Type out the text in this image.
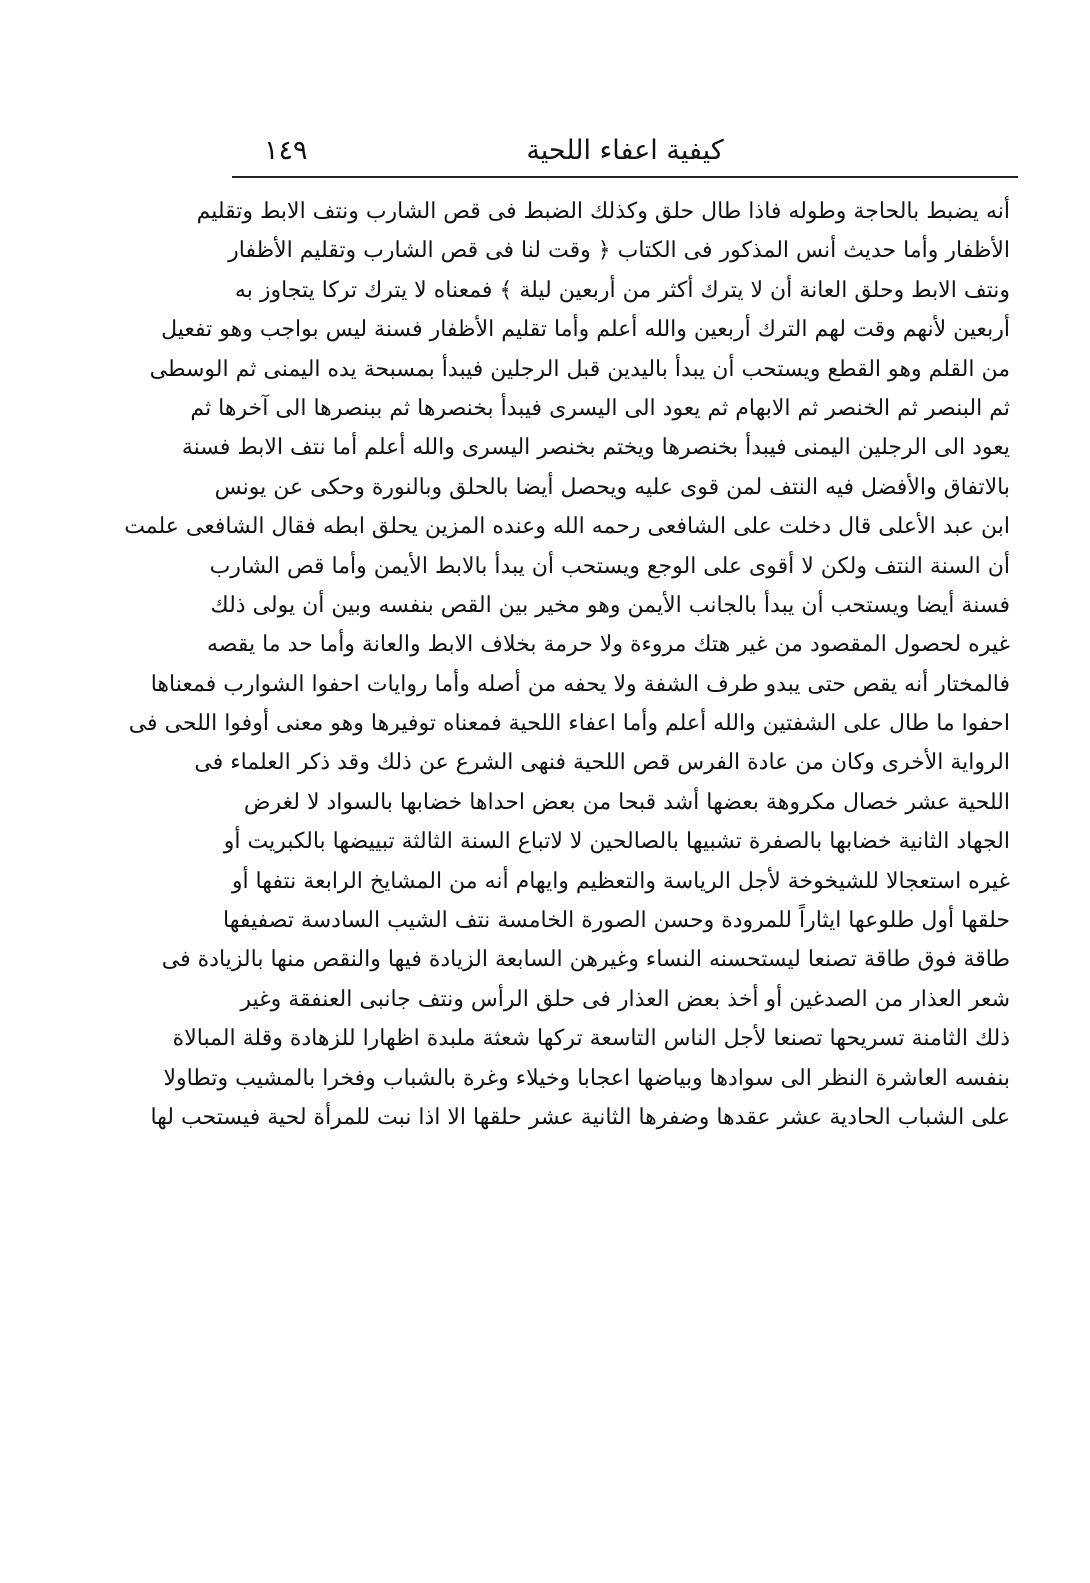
كيفية اعفاء اللحية
١٤٩
أنه يضبط بالحاجة وطوله فاذا طال حلق وكذلك الضبط فى قص الشارب ونتف الابط وتقليم
الأظفار وأما حديث أنس المذكور فى الكتاب ﴿ وقت لنا فى قص الشارب وتقليم الأظفار
ونتف الابط وحلق العانة أن لا يترك أكثر من أربعين ليلة ﴾ فمعناه لا يترك تركا يتجاوز به
أربعين لأنهم وقت لهم الترك أربعين والله أعلم وأما تقليم الأظفار فسنة ليس بواجب وهو تفعيل
من القلم وهو القطع ويستحب أن يبدأ باليدين قبل الرجلين فيبدأ بمسبحة يده اليمنى ثم الوسطى
ثم البنصر ثم الخنصر ثم الابهام ثم يعود الى اليسرى فيبدأ بخنصرها ثم ببنصرها الى آخرها ثم
يعود الى الرجلين اليمنى فيبدأ بخنصرها ويختم بخنصر اليسرى والله أعلم أما نتف الابط فسنة
بالاتفاق والأفضل فيه النتف لمن قوى عليه ويحصل أيضا بالحلق وبالنورة وحكى عن يونس
ابن عبد الأعلى قال دخلت على الشافعى رحمه الله وعنده المزين يحلق ابطه فقال الشافعى علمت
أن السنة النتف ولكن لا أقوى على الوجع ويستحب أن يبدأ بالابط الأيمن وأما قص الشارب
فسنة أيضا ويستحب أن يبدأ بالجانب الأيمن وهو مخير بين القص بنفسه وبين أن يولى ذلك
غيره لحصول المقصود من غير هتك مروءة ولا حرمة بخلاف الابط والعانة وأما حد ما يقصه
فالمختار أنه يقص حتى يبدو طرف الشفة ولا يحفه من أصله وأما روايات احفوا الشوارب فمعناها
احفوا ما طال على الشفتين والله أعلم وأما اعفاء اللحية فمعناه توفيرها وهو معنى أوفوا اللحى فى
الرواية الأخرى وكان من عادة الفرس قص اللحية فنهى الشرع عن ذلك وقد ذكر العلماء فى
اللحية عشر خصال مكروهة بعضها أشد قبحا من بعض احداها خضابها بالسواد لا لغرض
الجهاد الثانية خضابها بالصفرة تشبيها بالصالحين لا لاتباع السنة الثالثة تبييضها بالكبريت أو
غيره استعجالا للشيخوخة لأجل الرياسة والتعظيم وايهام أنه من المشايخ الرابعة نتفها أو
حلقها أول طلوعها ايثاراً للمرودة وحسن الصورة الخامسة نتف الشيب السادسة تصفيفها
طاقة فوق طاقة تصنعا ليستحسنه النساء وغيرهن السابعة الزيادة فيها والنقص منها بالزيادة فى
شعر العذار من الصدغين أو أخذ بعض العذار فى حلق الرأس ونتف جانبى العنفقة وغير
ذلك الثامنة تسريحها تصنعا لأجل الناس التاسعة تركها شعثة ملبدة اظهارا للزهادة وقلة المبالاة
بنفسه العاشرة النظر الى سوادها وبياضها اعجابا وخيلاء وغرة بالشباب وفخرا بالمشيب وتطاولا
على الشباب الحادية عشر عقدها وضفرها الثانية عشر حلقها الا اذا نبت للمرأة لحية فيستحب لها
